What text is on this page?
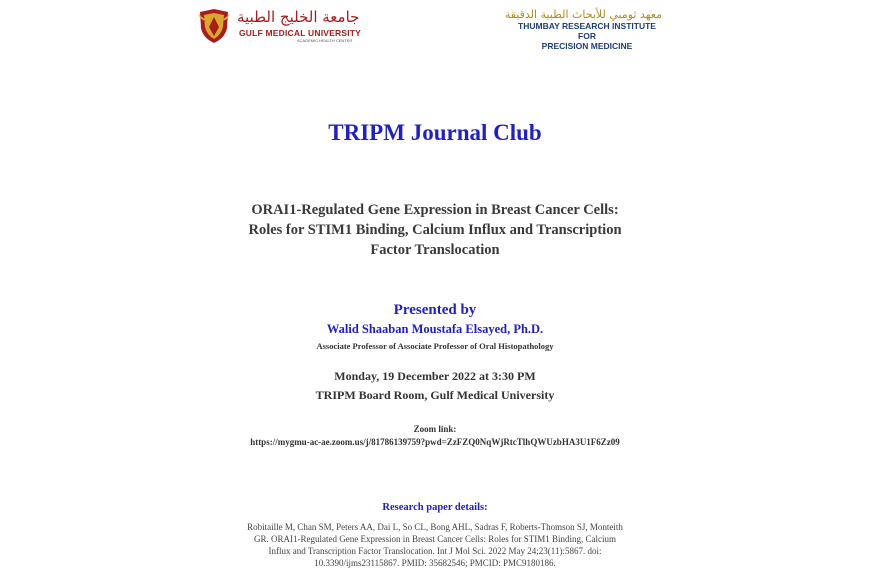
جامعة الخليج الطبية
GULF MEDICAL UNIVERSITY
ACADEMIC HEALTH CENTER
معهد ثومبي للأبحاث الطبية الدقيقة
THUMBAY RESEARCH INSTITUTE
FOR
PRECISION MEDICINE
TRIPM Journal Club
ORAI1-Regulated Gene Expression in Breast Cancer Cells:
Roles for STIM1 Binding, Calcium Influx and Transcription
Factor Translocation
Presented by
Walid Shaaban Moustafa Elsayed, Ph.D.
Associate Professor of Associate Professor of Oral Histopathology
Monday, 19 December 2022 at 3:30 PM
TRIPM Board Room, Gulf Medical University
Zoom link:
https://mygmu-ac-ae.zoom.us/j/81786139759?pwd=ZzFZQ0NqWjRtcTlhQWUzbHA3U1F6Zz09
Research paper details:
Robitaille M, Chan SM, Peters AA, Dai L, So CL, Bong AHL, Sadras F, Roberts-Thomson SJ, Monteith
GR. ORAI1-Regulated Gene Expression in Breast Cancer Cells: Roles for STIM1 Binding, Calcium
Influx and Transcription Factor Translocation. Int J Mol Sci. 2022 May 24;23(11):5867. doi:
10.3390/ijms23115867. PMID: 35682546; PMCID: PMC9180186.
